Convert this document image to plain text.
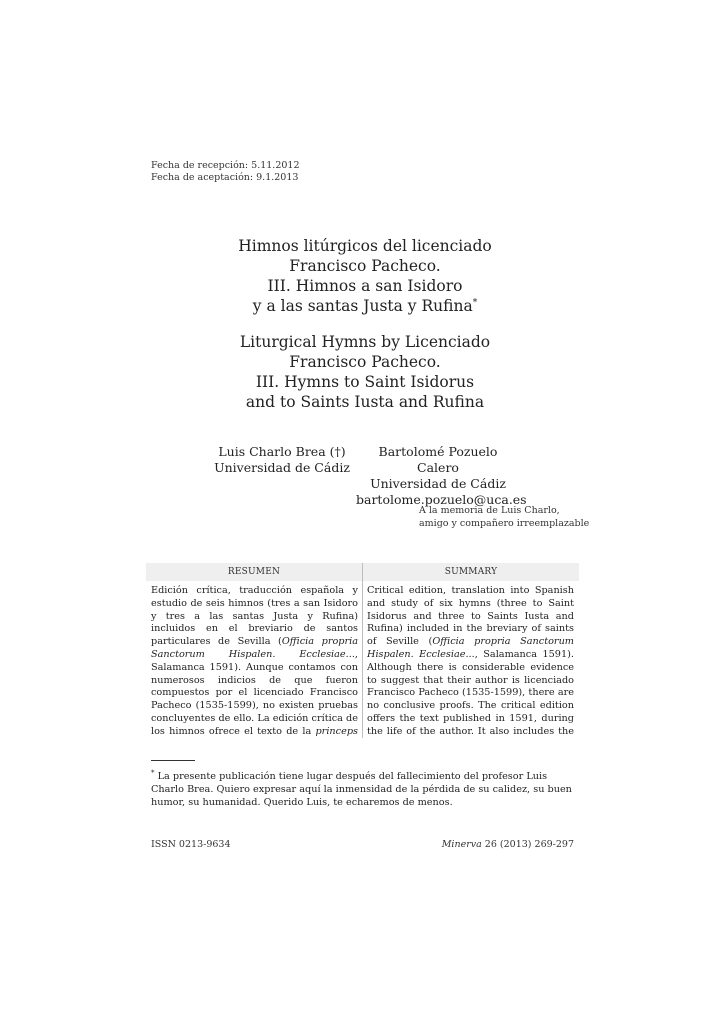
Fecha de recepción: 5.11.2012
Fecha de aceptación: 9.1.2013
Himnos litúrgicos del licenciado
Francisco Pacheco.
III. Himnos a san Isidoro
y a las santas Justa y Rufina*
Liturgical Hymns by Licenciado
Francisco Pacheco.
III. Hymns to Saint Isidorus
and to Saints Iusta and Rufina
Luis Charlo Brea (†)
Universidad de Cádiz
Bartolomé Pozuelo Calero
Universidad de Cádiz
bartolome.pozuelo@uca.es
A la memoria de Luis Charlo,
amigo y compañero irreemplazable
RESUMEN	SUMMARY
Edición crítica, traducción española y estudio de seis himnos (tres a san Isidoro y tres a las santas Justa y Rufina) incluidos en el breviario de santos particulares de Sevilla (Officia propria Sanctorum Hispalen. Ecclesiae..., Salamanca 1591). Aunque contamos con numerosos indicios de que fueron compuestos por el licenciado Francisco Pacheco (1535-1599), no existen pruebas concluyentes de ello. La edición crítica de los himnos ofrece el texto de la princeps
Critical edition, translation into Spanish and study of six hymns (three to Saint Isidorus and three to Saints Iusta and Rufina) included in the breviary of saints of Seville (Officia propria Sanctorum Hispalen. Ecclesiae..., Salamanca 1591). Although there is considerable evidence to suggest that their author is licenciado Francisco Pacheco (1535-1599), there are no conclusive proofs. The critical edition offers the text published in 1591, during the life of the author. It also includes the
* La presente publicación tiene lugar después del fallecimiento del profesor Luis Charlo Brea. Quiero expresar aquí la inmensidad de la pérdida de su calidez, su buen humor, su humanidad. Querido Luis, te echaremos de menos.
ISSN 0213-9634	Minerva 26 (2013) 269-297
